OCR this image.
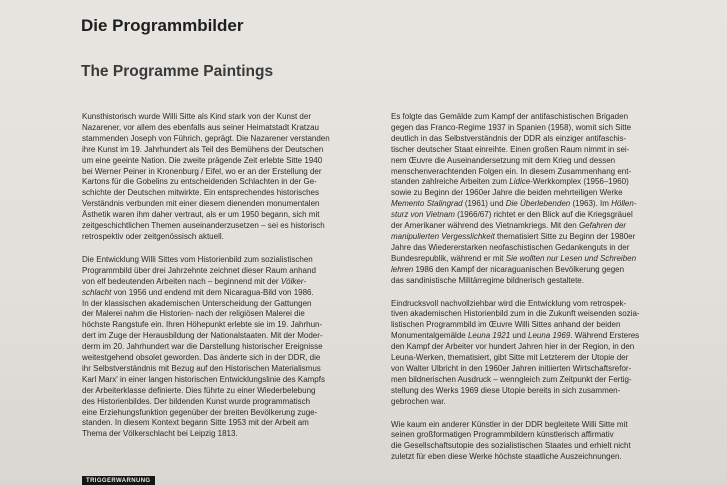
Die Programmbilder
The Programme Paintings

Kunsthistorisch wurde Willi Sitte als Kind stark von der Kunst der
Nazarener, vor allem des ebenfalls aus seiner Heimatstadt Kratzau
stammenden Joseph von Führich, geprägt. Die Nazarener verstanden
ihre Kunst im 19. Jahrhundert als Teil des Bemühens der Deutschen
um eine geeinte Nation. Die zweite prägende Zeit erlebte Sitte 1940
bei Werner Peiner in Kronenburg / Eifel, wo er an der Erstellung der
Kartons für die Gobelins zu entscheidenden Schlachten in der Ge-
schichte der Deutschen mitwirkte. Ein entsprechendes historisches
Verständnis verbunden mit einer diesem dienenden monumentalen
Ästhetik waren ihm daher vertraut, als er um 1950 begann, sich mit
zeitgeschichtlichen Themen auseinanderzusetzen – sei es historisch
retrospektiv oder zeitgenössisch aktuell.

Die Entwicklung Willi Sittes vom Historienbild zum sozialistischen
Programmbild über drei Jahrzehnte zeichnet dieser Raum anhand
von elf bedeutenden Arbeiten nach – beginnend mit der Völker-
schlacht von 1956 und endend mit dem Nicaragua-Bild von 1986.
In der klassischen akademischen Unterscheidung der Gattungen
der Malerei nahm die Historien- nach der religiösen Malerei die
höchste Rangstufe ein. Ihren Höhepunkt erlebte sie im 19. Jahrhun-
dert im Zuge der Herausbildung der Nationalstaaten. Mit der Moder-
derm im 20. Jahrhundert war die Darstellung historischer Ereignisse
weitestgehend obsolet geworden. Das änderte sich in der DDR, die
ihr Selbstverständnis mit Bezug auf den Historischen Materialismus
Karl Marx' in einer langen historischen Entwicklungslinie des Kampfs
der Arbeiterklasse definierte. Dies führte zu einer Wiederbelebung
des Historienbildes. Der bildenden Kunst wurde programmatisch
eine Erziehungsfunktion gegenüber der breiten Bevölkerung zuge-
standen. In diesem Kontext begann Sitte 1953 mit der Arbeit am
Thema der Völkerschlacht bei Leipzig 1813.

Es folgte das Gemälde zum Kampf der antifaschistischen Brigaden
gegen das Franco-Regime 1937 in Spanien (1958), womit sich Sitte
deutlich in das Selbstverständnis der DDR als einziger antifaschis-
tischer deutscher Staat einreihte. Einen großen Raum nimmt in sei-
nem Œuvre die Auseinandersetzung mit dem Krieg und dessen
menschenverachtenden Folgen ein. In diesem Zusammenhang ent-
standen zahlreiche Arbeiten zum Lidice-Werkkomplex (1956–1960)
sowie zu Beginn der 1960er Jahre die beiden mehrteiligen Werke
Memento Stalingrad (1961) und Die Überlebenden (1963). Im Höllen-
sturz von Vietnam (1966/67) richtet er den Blick auf die Kriegsgräuel
der Amerikaner während des Vietnamkriegs. Mit den Gefahren der
manipulierten Vergesslichkeit thematisiert Sitte zu Beginn der 1980er
Jahre das Wiedererstarken neofaschistischen Gedankenguts in der
Bundesrepublik, während er mit Sie wollten nur Lesen und Schreiben
lehren 1986 den Kampf der nicaraguanischen Bevölkerung gegen
das sandinistische Militärregime bildnerisch gestaltete.

Eindrucksvoll nachvollziehbar wird die Entwicklung vom retrospek-
tiven akademischen Historienbild zum in die Zukunft weisenden sozia-
listischen Programmbild im Œuvre Willi Sittes anhand der beiden
Monumentalgemälde Leuna 1921 und Leuna 1969. Während Ersteres
den Kampf der Arbeiter vor hundert Jahren hier in der Region, in den
Leuna-Werken, thematisiert, gibt Sitte mit Letzterem der Utopie der
von Walter Ulbricht in den 1960er Jahren initiierten Wirtschaftsrefor-
men bildnerischen Ausdruck – wenngleich zum Zeitpunkt der Fertig-
stellung des Werks 1969 diese Utopie bereits in sich zusammen-
gebrochen war.

Wie kaum ein anderer Künstler in der DDR begleitete Willi Sitte mit
seinen großformatigen Programmbildern künstlerisch affirmativ
die Gesellschaftsutopie des sozialistischen Staates und erhielt nicht
zuletzt für eben diese Werke höchste staatliche Auszeichnungen.

TRIGGERWARNUNG
